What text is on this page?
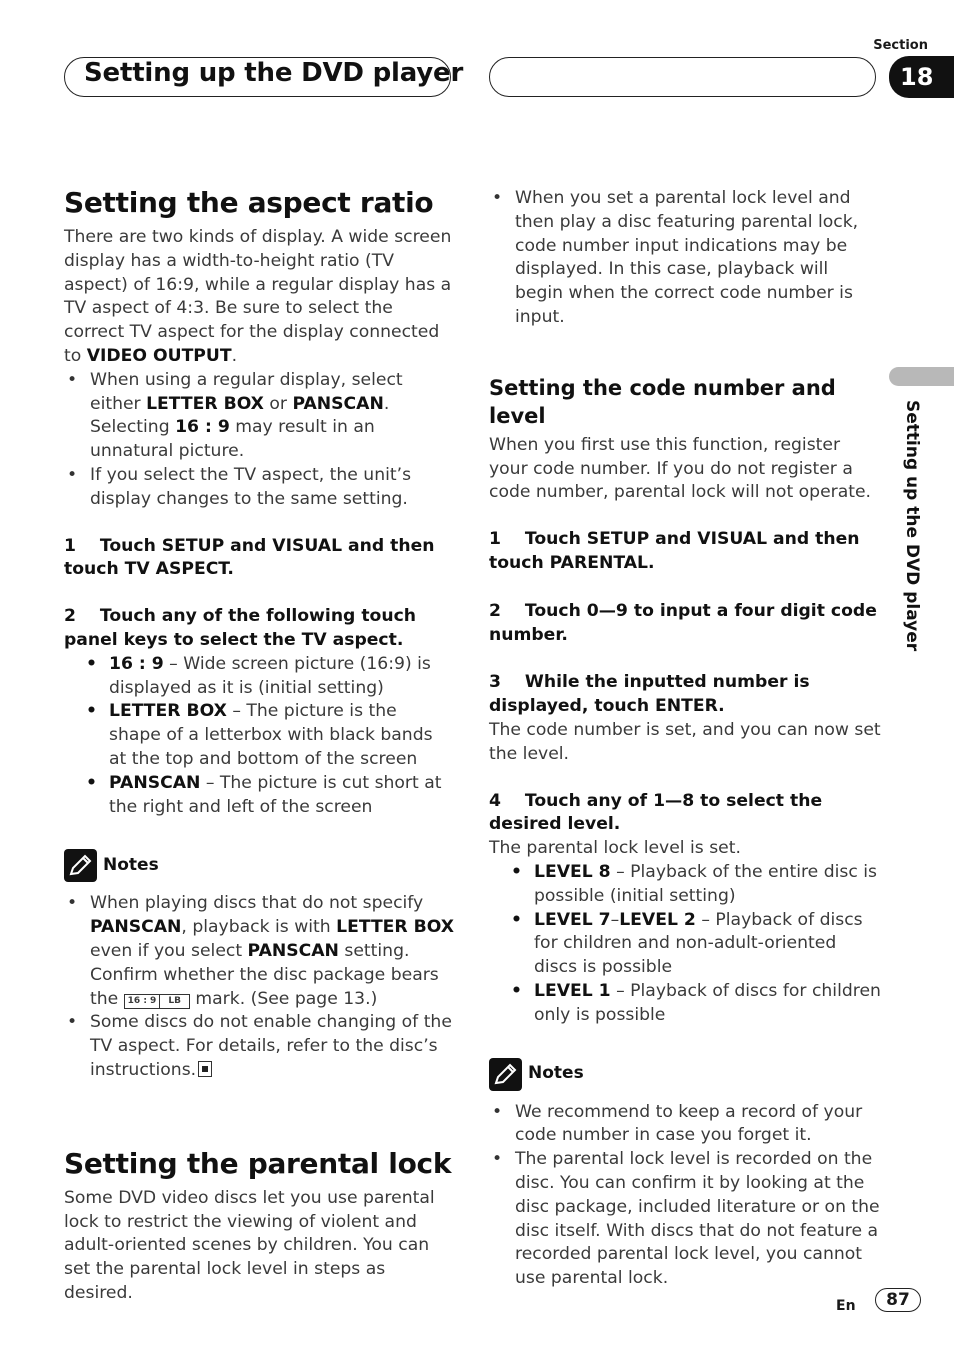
Setting up the DVD player
Section
18
Setting up the DVD player
Setting the aspect ratio

There are two kinds of display. A wide screen display has a width-to-height ratio (TV aspect) of 16:9, while a regular display has a TV aspect of 4:3. Be sure to select the correct TV aspect for the display connected to VIDEO OUTPUT.

• When using a regular display, select either LETTER BOX or PANSCAN. Selecting 16 : 9 may result in an unnatural picture.
• If you select the TV aspect, the unit’s display changes to the same setting.

1    Touch SETUP and VISUAL and then touch TV ASPECT.

2    Touch any of the following touch panel keys to select the TV aspect.

• 16 : 9 – Wide screen picture (16:9) is displayed as it is (initial setting)
• LETTER BOX – The picture is the shape of a letterbox with black bands at the top and bottom of the screen
• PANSCAN – The picture is cut short at the right and left of the screen
Notes
• When playing discs that do not specify PANSCAN, playback is with LETTER BOX even if you select PANSCAN setting. Confirm whether the disc package bears the 16 : 9	LB mark. (See page 13.)
• Some discs do not enable changing of the TV aspect. For details, refer to the disc’s instructions.
Setting the parental lock

Some DVD video discs let you use parental lock to restrict the viewing of violent and adult-oriented scenes by children. You can set the parental lock level in steps as desired.

• When you set a parental lock level and then play a disc featuring parental lock, code number input indications may be displayed. In this case, playback will begin when the correct code number is input.
Setting the code number and level

When you first use this function, register your code number. If you do not register a code number, parental lock will not operate.

1    Touch SETUP and VISUAL and then touch PARENTAL.

2    Touch 0—9 to input a four digit code number.

3    While the inputted number is displayed, touch ENTER.

The code number is set, and you can now set the level.

4    Touch any of 1—8 to select the desired level.

The parental lock level is set.

• LEVEL 8 – Playback of the entire disc is possible (initial setting)
• LEVEL 7–LEVEL 2 – Playback of discs for children and non-adult-oriented discs is possible
• LEVEL 1 – Playback of discs for children only is possible
Notes
• We recommend to keep a record of your code number in case you forget it.
• The parental lock level is recorded on the disc. You can confirm it by looking at the disc package, included literature or on the disc itself. With discs that do not feature a recorded parental lock level, you cannot use parental lock.
En	87
